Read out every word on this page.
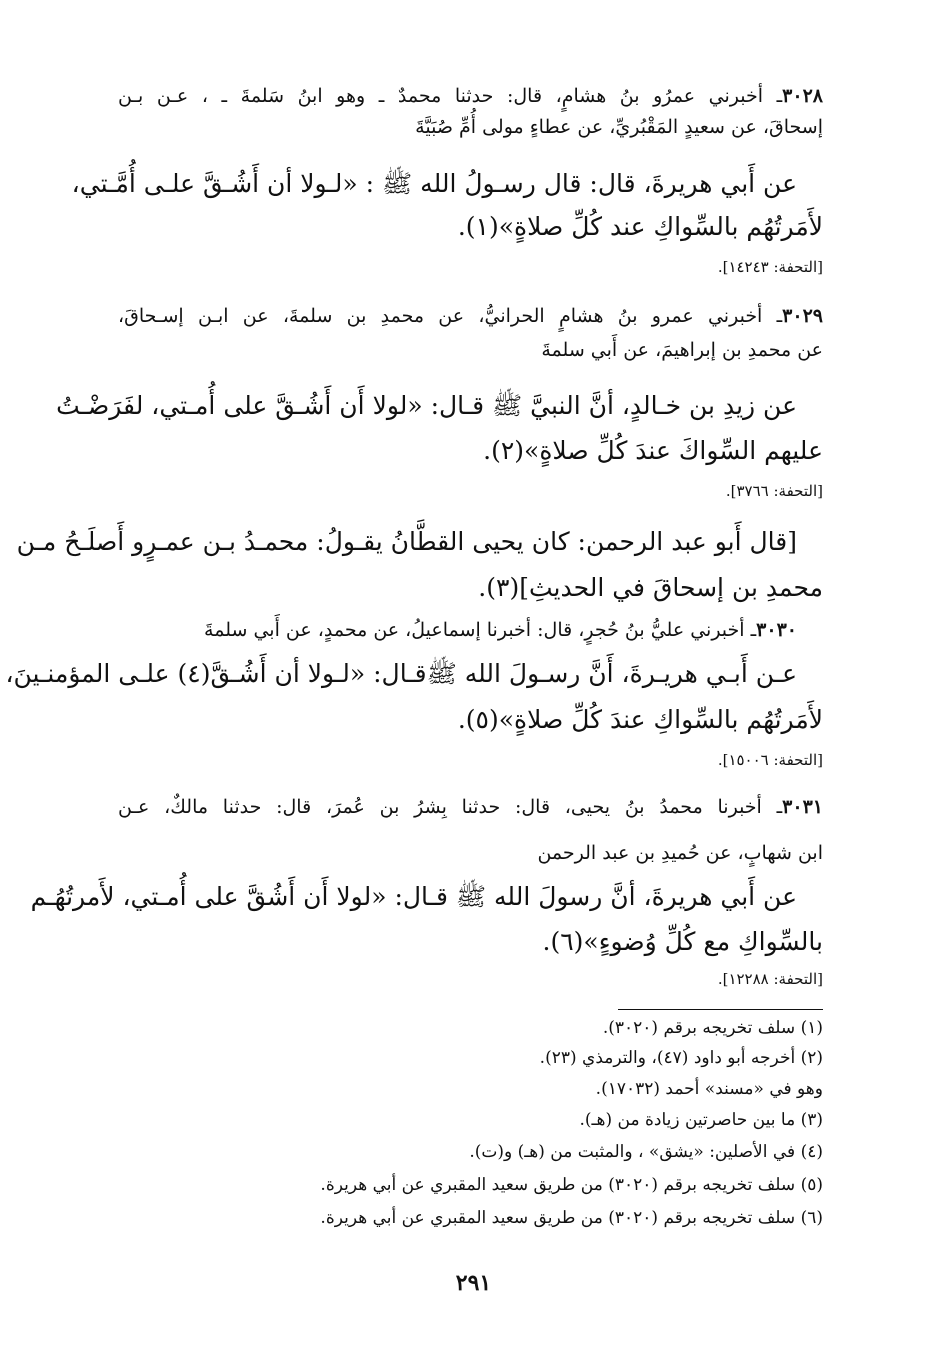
٣٠٢٨ـ أخبرني عمرُو بنُ هشامٍ، قال: حدثنا محمدٌ ـ وهو ابنُ سَلمةَ ـ ، عـن بـن
إسحاقَ، عن سعيدٍ المَقْبُريِّ، عن عطاءٍ مولى أُمِّ صُبَيَّةَ
عن أَبي هريرةَ، قال: قال رسـولُ الله ﷺ : «لـولا أن أَشُـقَّ علـى أُمَّـتي،
لأَمَرتُهُم بالسِّواكِ عند كُلِّ صلاةٍ»(١).
[التحفة: ١٤٢٤٣].
٣٠٢٩ـ أخبرني عمرو بنُ هشامٍ الحرانيُّ، عن محمدِ بن سلمةَ، عن ابـن إسـحاقَ،
عن محمدِ بن إبراهيمَ، عن أَبي سلمةَ
عن زيدِ بن خـالدٍ، أنَّ النبيَّ ﷺ قـال: «لولا أَن أَشُـقَّ على أُمـتي، لفَرَضْـتُ
عليهم السِّواكَ عندَ كُلِّ صلاةٍ»(٢).
[التحفة: ٣٧٦٦].
[قال أَبو عبد الرحمن: كان يحيى القطَّانُ يقـولُ: محمـدُ بـن عمـرٍو أَصلَـحُ مـن
محمدِ بن إسحاقَ في الحديثِ](٣).
٣٠٣٠ـ أخبرني عليُّ بنُ حُجرٍ، قال: أخبرنا إسماعيلُ، عن محمدٍ، عن أَبي سلمةَ
عـن أَبـي هريـرةَ، أَنَّ رسـولَ الله ﷺقـال: «لـولا أن أَشُـقَّ(٤) علـى المؤمنـينَ،
لأَمَرتُهُم بالسِّواكِ عندَ كُلِّ صلاةٍ»(٥).
[التحفة: ١٥٠٠٦].
٣٠٣١ـ أخبرنا محمدُ بنُ يحيى، قال: حدثنا بِشرُ بن عُمرَ، قال: حدثنا مالكٌ، عـن
ابن شهابٍ، عن حُميدِ بن عبد الرحمن
عن أَبي هريرةَ، أنَّ رسولَ الله ﷺ قـال: «لولا أَن أَشُقَّ على أُمـتي، لأَمرتُهُـم
بالسِّواكِ مع كُلِّ وُضوءٍ»(٦).
[التحفة: ١٢٢٨٨].
(١) سلف تخريجه برقم (٣٠٢٠).
(٢) أخرجه أبو داود (٤٧)، والترمذي (٢٣).
وهو في «مسند» أحمد (١٧٠٣٢).
(٣) ما بين حاصرتين زيادة من (هـ).
(٤) في الأصلين: «يشق» ، والمثبت من (هـ) و(ت).
(٥) سلف تخريجه برقم (٣٠٢٠) من طريق سعيد المقبري عن أبي هريرة.
(٦) سلف تخريجه برقم (٣٠٢٠) من طريق سعيد المقبري عن أبي هريرة.
٢٩١
